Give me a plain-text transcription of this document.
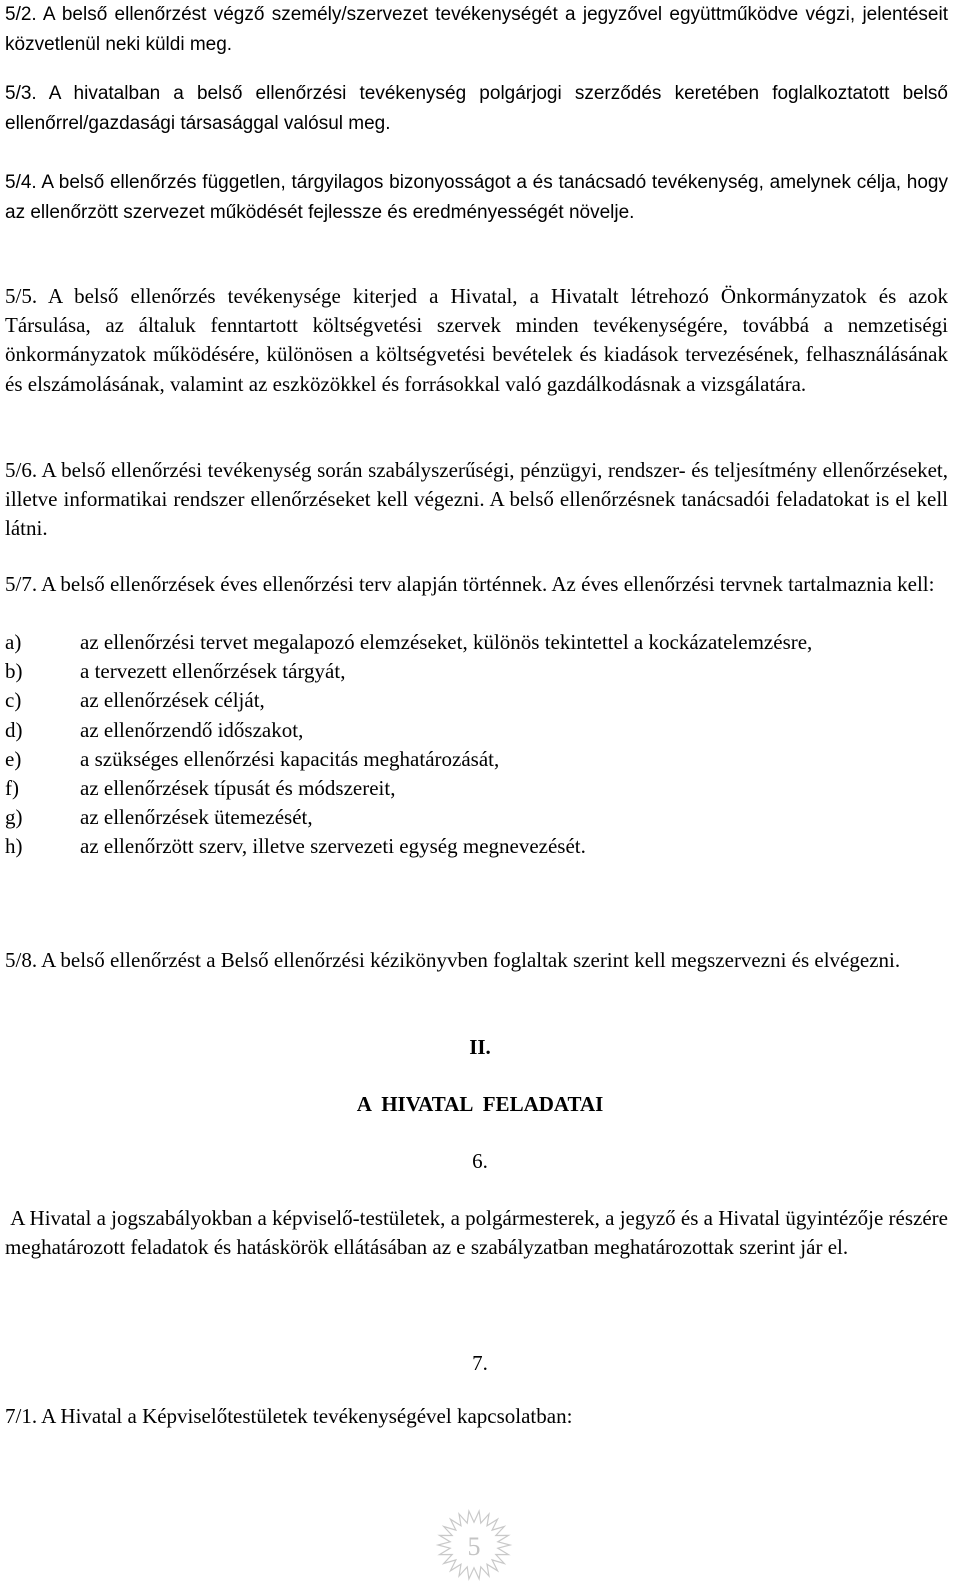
5/2. A belső ellenőrzést végző személy/szervezet tevékenységét a jegyzővel együttműködve végzi, jelentéseit közvetlenül neki küldi meg.

5/3. A hivatalban a belső ellenőrzési tevékenység polgárjogi szerződés keretében foglalkoztatott belső ellenőrrel/gazdasági társasággal valósul meg.

5/4. A belső ellenőrzés független, tárgyilagos bizonyosságot a és tanácsadó tevékenység, amelynek célja, hogy az ellenőrzött szervezet működését fejlessze és eredményességét növelje.

5/5. A belső ellenőrzés tevékenysége kiterjed a Hivatal, a Hivatalt létrehozó Önkormányzatok és azok Társulása, az általuk fenntartott költségvetési szervek minden tevékenységére, továbbá a nemzetiségi önkormányzatok működésére, különösen a költségvetési bevételek és kiadások tervezésének, felhasználásának és elszámolásának, valamint az eszközökkel és forrásokkal való gazdálkodásnak a vizsgálatára.

5/6. A belső ellenőrzési tevékenység során szabályszerűségi, pénzügyi, rendszer- és teljesítmény ellenőrzéseket, illetve informatikai rendszer ellenőrzéseket kell végezni. A belső ellenőrzésnek tanácsadói feladatokat is el kell látni.

5/7. A belső ellenőrzések éves ellenőrzési terv alapján történnek. Az éves ellenőrzési tervnek tartalmaznia kell:

a)	az ellenőrzési tervet megalapozó elemzéseket, különös tekintettel a kockázatelemzésre,
b)	a tervezett ellenőrzések tárgyát,
c)	az ellenőrzések célját,
d)	az ellenőrzendő időszakot,
e)	a szükséges ellenőrzési kapacitás meghatározását,
f)	az ellenőrzések típusát és módszereit,
g)	az ellenőrzések ütemezését,
h)	az ellenőrzött szerv, illetve szervezeti egység megnevezését.

5/8. A belső ellenőrzést a Belső ellenőrzési kézikönyvben foglaltak szerint kell megszervezni és elvégezni.

II.

A  HIVATAL  FELADATAI

6.

A Hivatal a jogszabályokban a képviselő-testületek, a polgármesterek, a jegyző és a Hivatal ügyintézője részére meghatározott feladatok és hatáskörök ellátásában az e szabályzatban meghatározottak szerint jár el.

7.

7/1. A Hivatal a Képviselőtestületek tevékenységével kapcsolatban:

5
